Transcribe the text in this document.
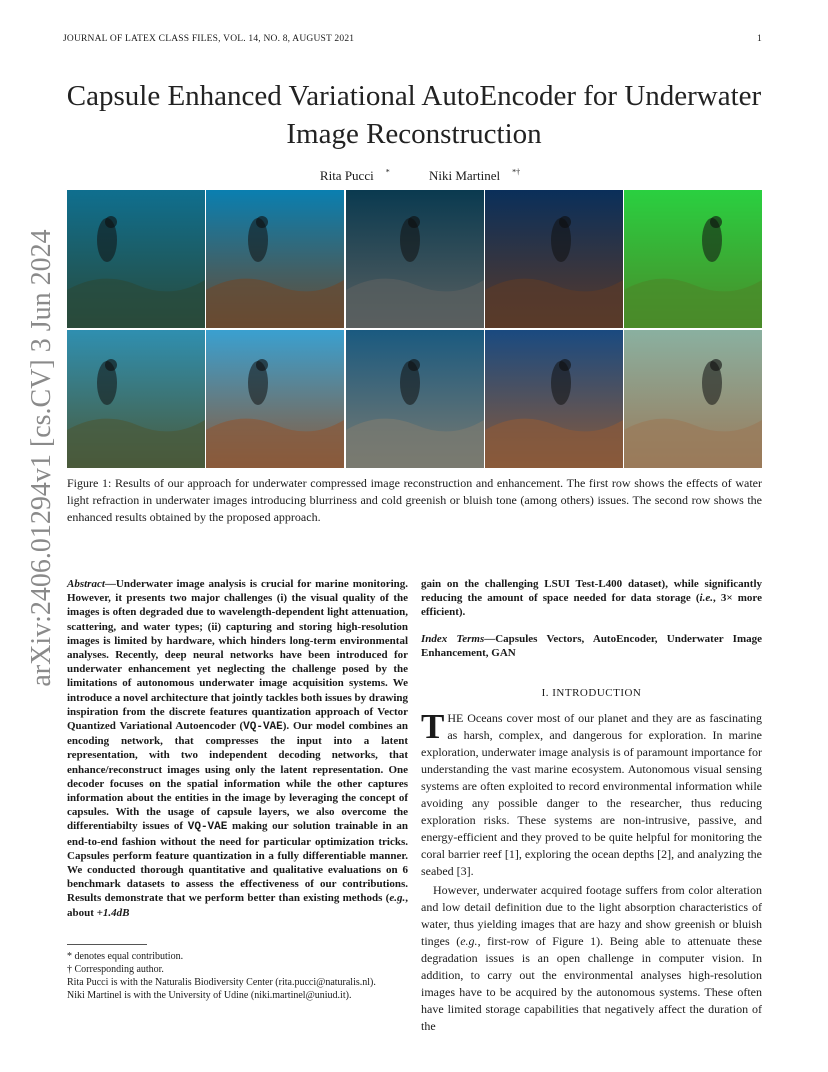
JOURNAL OF LATEX CLASS FILES, VOL. 14, NO. 8, AUGUST 2021	1
Capsule Enhanced Variational AutoEncoder for Underwater Image Reconstruction
Rita Pucci *	Niki Martinel *†
arXiv:2406.01294v1 [cs.CV] 3 Jun 2024 Figure 1: Results of our approach for underwater compressed image reconstruction and enhancement. The first row shows the effects of water light refraction in underwater images introducing blurriness and cold greenish or bluish tone (among others) issues. The second row shows the enhanced results obtained by the proposed approach.

Abstract—Underwater image analysis is crucial for marine monitoring. However, it presents two major challenges (i) the visual quality of the images is often degraded due to wavelength-dependent light attenuation, scattering, and water types; (ii) capturing and storing high-resolution images is limited by hardware, which hinders long-term environmental analyses. Recently, deep neural networks have been introduced for underwater enhancement yet neglecting the challenge posed by the limitations of autonomous underwater image acquisition systems. We introduce a novel architecture that jointly tackles both issues by drawing inspiration from the discrete features quantization approach of Vector Quantized Variational Autoencoder (VQ-VAE). Our model combines an encoding network, that compresses the input into a latent representation, with two independent decoding networks, that enhance/reconstruct images using only the latent representation. One decoder focuses on the spatial information while the other captures information about the entities in the image by leveraging the concept of capsules. With the usage of capsule layers, we also overcome the differentiabilty issues of VQ-VAE making our solution trainable in an end-to-end fashion without the need for particular optimization tricks. Capsules perform feature quantization in a fully differentiable manner. We conducted thorough quantitative and qualitative evaluations on 6 benchmark datasets to assess the effectiveness of our contributions. Results demonstrate that we perform better than existing methods (e.g., about +1.4dB

* denotes equal contribution.

† Corresponding author.

Rita Pucci is with the Naturalis Biodiversity Center (rita.pucci@naturalis.nl).

Niki Martinel is with the University of Udine (niki.martinel@uniud.it).

gain on the challenging LSUI Test-L400 dataset), while significantly reducing the amount of space needed for data storage (i.e., 3× more efficient).

Index Terms—Capsules Vectors, AutoEncoder, Underwater Image Enhancement, GAN

I. INTRODUCTION

THE Oceans cover most of our planet and they are as fascinating as harsh, complex, and dangerous for exploration. In marine exploration, underwater image analysis is of paramount importance for understanding the vast marine ecosystem. Autonomous visual sensing systems are often exploited to record environmental information while avoiding any possible danger to the researcher, thus reducing exploration risks. These systems are non-intrusive, passive, and energy-efficient and they proved to be quite helpful for monitoring the coral barrier reef [1], exploring the ocean depths [2], and analyzing the seabed [3].

However, underwater acquired footage suffers from color alteration and low detail definition due to the light absorption characteristics of water, thus yielding images that are hazy and show greenish or bluish tinges (e.g., first-row of Figure 1). Being able to attenuate these degradation issues is an open challenge in computer vision. In addition, to carry out the environmental analyses high-resolution images have to be acquired by the autonomous systems. These often have limited storage capabilities that negatively affect the duration of the
